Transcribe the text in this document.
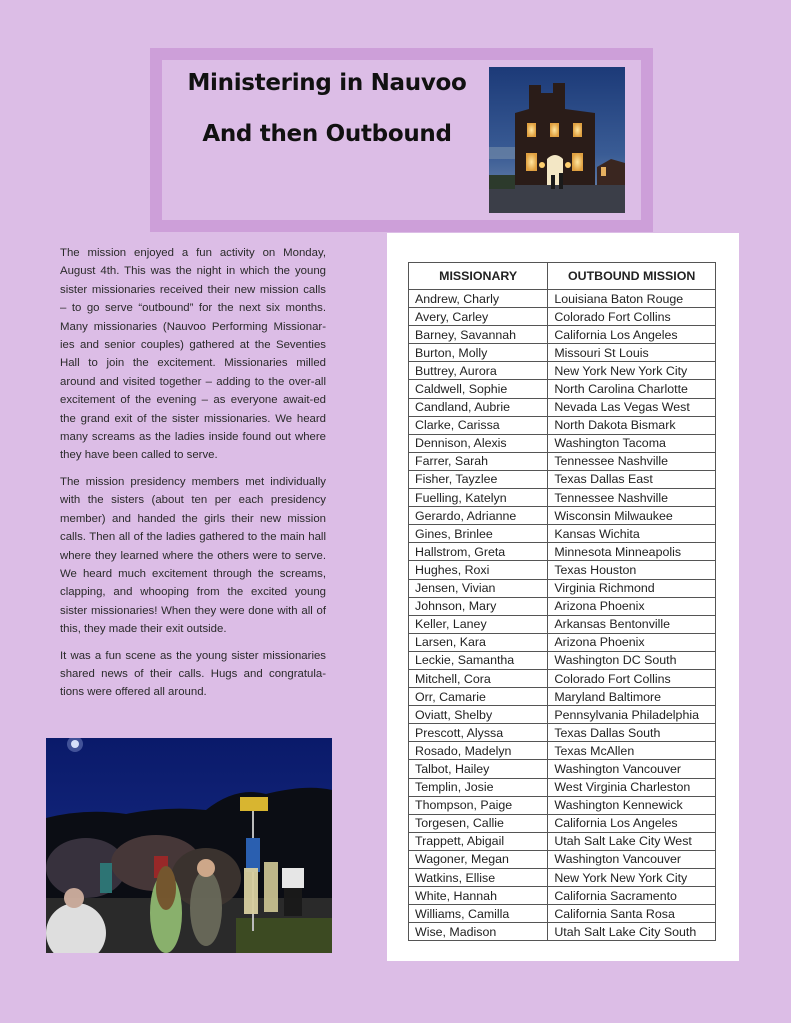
Ministering in Nauvoo
And then Outbound

The mission enjoyed a fun activity on Monday, August 4th. This was the night in which the young sister missionaries received their new mission calls – to go serve “outbound” for the next six months. Many missionaries (Nauvoo Performing Missionar-ies and senior couples) gathered at the Seventies Hall to join the excitement. Missionaries milled around and visited together – adding to the over-all excitement of the evening – as everyone await-ed the grand exit of the sister missionaries. We heard many screams as the ladies inside found out where they have been called to serve.

The mission presidency members met individually with the sisters (about ten per each presidency member) and handed the girls their new mission calls. Then all of the ladies gathered to the main hall where they learned where the others were to serve. We heard much excitement through the screams, clapping, and whooping from the excited young sister missionaries! When they were done with all of this, they made their exit outside.

It was a fun scene as the young sister missionaries shared news of their calls. Hugs and congratula-tions were offered all around.

MISSIONARY	OUTBOUND MISSION
Andrew, Charly	Louisiana Baton Rouge
Avery, Carley	Colorado Fort Collins
Barney, Savannah	California Los Angeles
Burton, Molly	Missouri St Louis
Buttrey, Aurora	New York New York City
Caldwell, Sophie	North Carolina Charlotte
Candland, Aubrie	Nevada Las Vegas West
Clarke, Carissa	North Dakota Bismark
Dennison, Alexis	Washington Tacoma
Farrer, Sarah	Tennessee Nashville
Fisher, Tayzlee	Texas Dallas East
Fuelling, Katelyn	Tennessee Nashville
Gerardo, Adrianne	Wisconsin Milwaukee
Gines, Brinlee	Kansas Wichita
Hallstrom, Greta	Minnesota Minneapolis
Hughes, Roxi	Texas Houston
Jensen, Vivian	Virginia Richmond
Johnson, Mary	Arizona Phoenix
Keller, Laney	Arkansas Bentonville
Larsen, Kara	Arizona Phoenix
Leckie, Samantha	Washington DC South
Mitchell, Cora	Colorado Fort Collins
Orr, Camarie	Maryland Baltimore
Oviatt, Shelby	Pennsylvania Philadelphia
Prescott, Alyssa	Texas Dallas South
Rosado, Madelyn	Texas McAllen
Talbot, Hailey	Washington Vancouver
Templin, Josie	West Virginia Charleston
Thompson, Paige	Washington Kennewick
Torgesen, Callie	California Los Angeles
Trappett, Abigail	Utah Salt Lake City West
Wagoner, Megan	Washington Vancouver
Watkins, Ellise	New York New York City
White, Hannah	California Sacramento
Williams, Camilla	California Santa Rosa
Wise, Madison	Utah Salt Lake City South
